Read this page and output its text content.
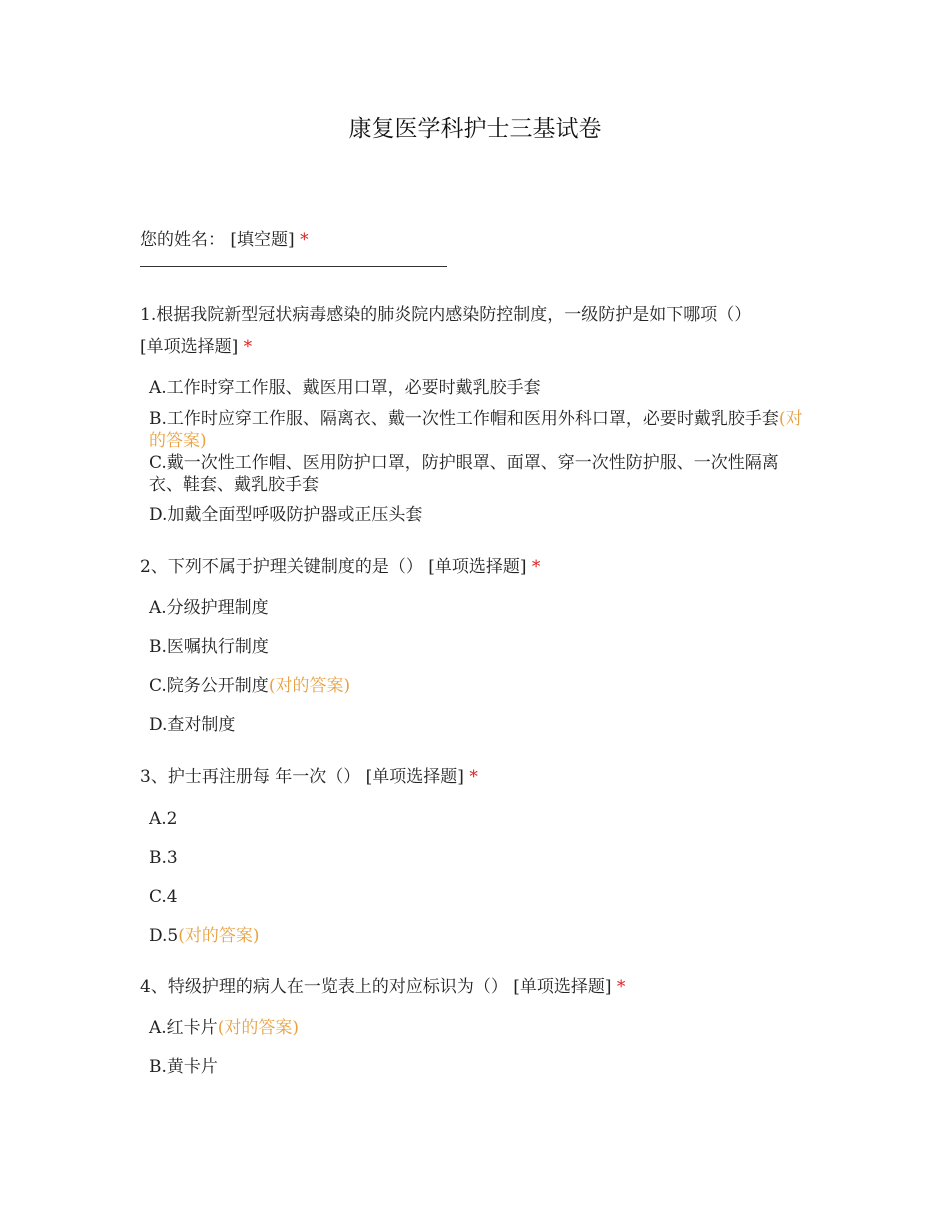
康复医学科护士三基试卷
您的姓名： [填空题] *
1.根据我院新型冠状病毒感染的肺炎院内感染防控制度，一级防护是如下哪项（）
[单项选择题] *
A.工作时穿工作服、戴医用口罩，必要时戴乳胶手套
B.工作时应穿工作服、隔离衣、戴一次性工作帽和医用外科口罩，必要时戴乳胶手套(对的答案)
C.戴一次性工作帽、医用防护口罩，防护眼罩、面罩、穿一次性防护服、一次性隔离衣、鞋套、戴乳胶手套
D.加戴全面型呼吸防护器或正压头套
2、下列不属于护理关键制度的是（） [单项选择题] *
A.分级护理制度
B.医嘱执行制度
C.院务公开制度(对的答案)
D.查对制度
3、护士再注册每 年一次（） [单项选择题] *
A.2
B.3
C.4
D.5(对的答案)
4、特级护理的病人在一览表上的对应标识为（） [单项选择题] *
A.红卡片(对的答案)
B.黄卡片
